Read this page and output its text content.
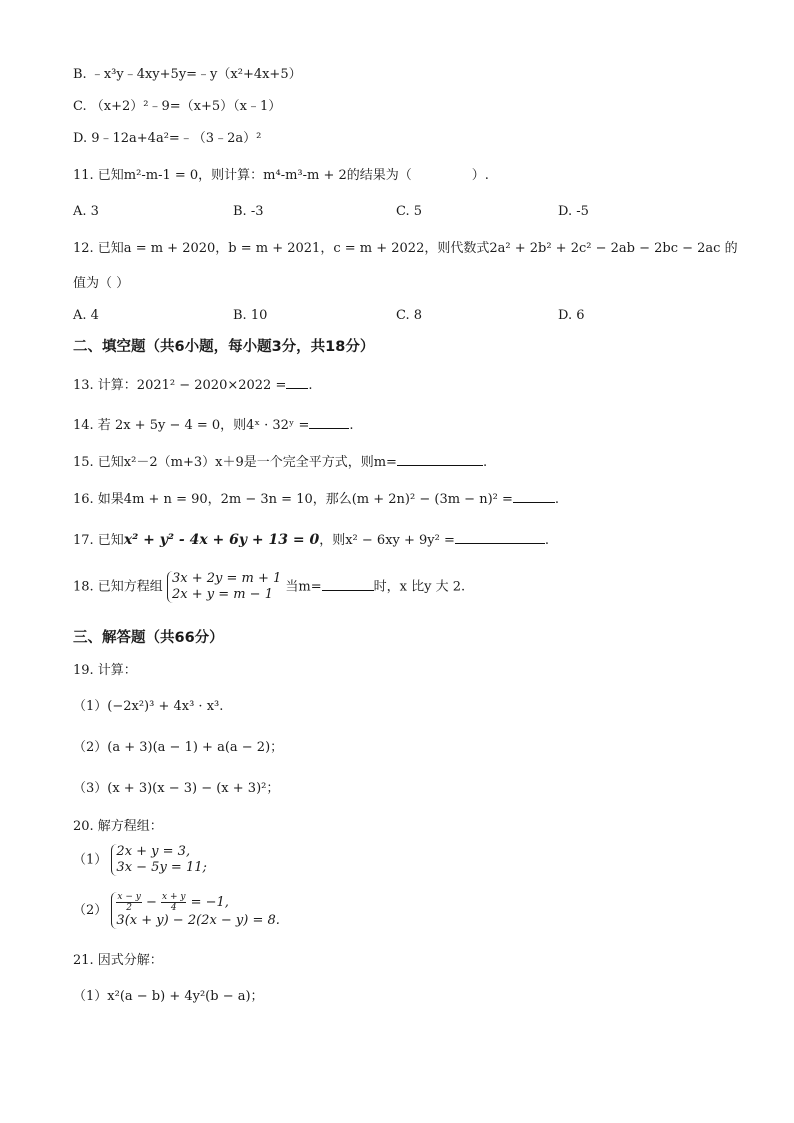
B. ﹣x³y﹣4xy+5y=﹣y（x²+4x+5）
C. （x+2）²﹣9=（x+5）（x﹣1）
D. 9﹣12a+4a²=﹣（3﹣2a）²
11. 已知m²-m-1 = 0，则计算：m⁴-m³-m + 2的结果为（	）.
A. 3	B. -3	C. 5	D. -5
12. 已知a = m + 2020，b = m + 2021，c = m + 2022，则代数式2a² + 2b² + 2c² − 2ab − 2bc − 2ac 的
值为（ ）
A. 4	B. 10	C. 8	D. 6
二、填空题（共6小题，每小题3分，共18分）
13. 计算：2021² − 2020×2022 = .
14. 若 2x + 5y − 4 = 0，则4ˣ · 32ʸ =	.
15. 已知x²－2（m+3）x＋9是一个完全平方式，则m=	.
16. 如果4m + n = 90，2m − 3n = 10，那么(m + 2n)² − (3m − n)² =	.
17. 已知x² + y² - 4x + 6y + 13 = 0，则x² − 6xy + 9y² =	.
18. 已知方程组
3x + 2y = m + 1
2x + y = m − 1 当m=	时，x 比y 大 2.
三、解答题（共66分）
19. 计算：
（1）(−2x²)³ + 4x³ · x³.
（2）(a + 3)(a − 1) + a(a − 2)；
（3）(x + 3)(x − 3) − (x + 3)²；
20. 解方程组：
（1）
2x + y = 3,
3x − 5y = 11;
$(2) \frac{x - y}{2} - \frac{x + y}{4} = -1$,
3(x + y) − 2(2x − y) = 8.
21. 因式分解：
（1）x²(a − b) + 4y²(b − a)；
